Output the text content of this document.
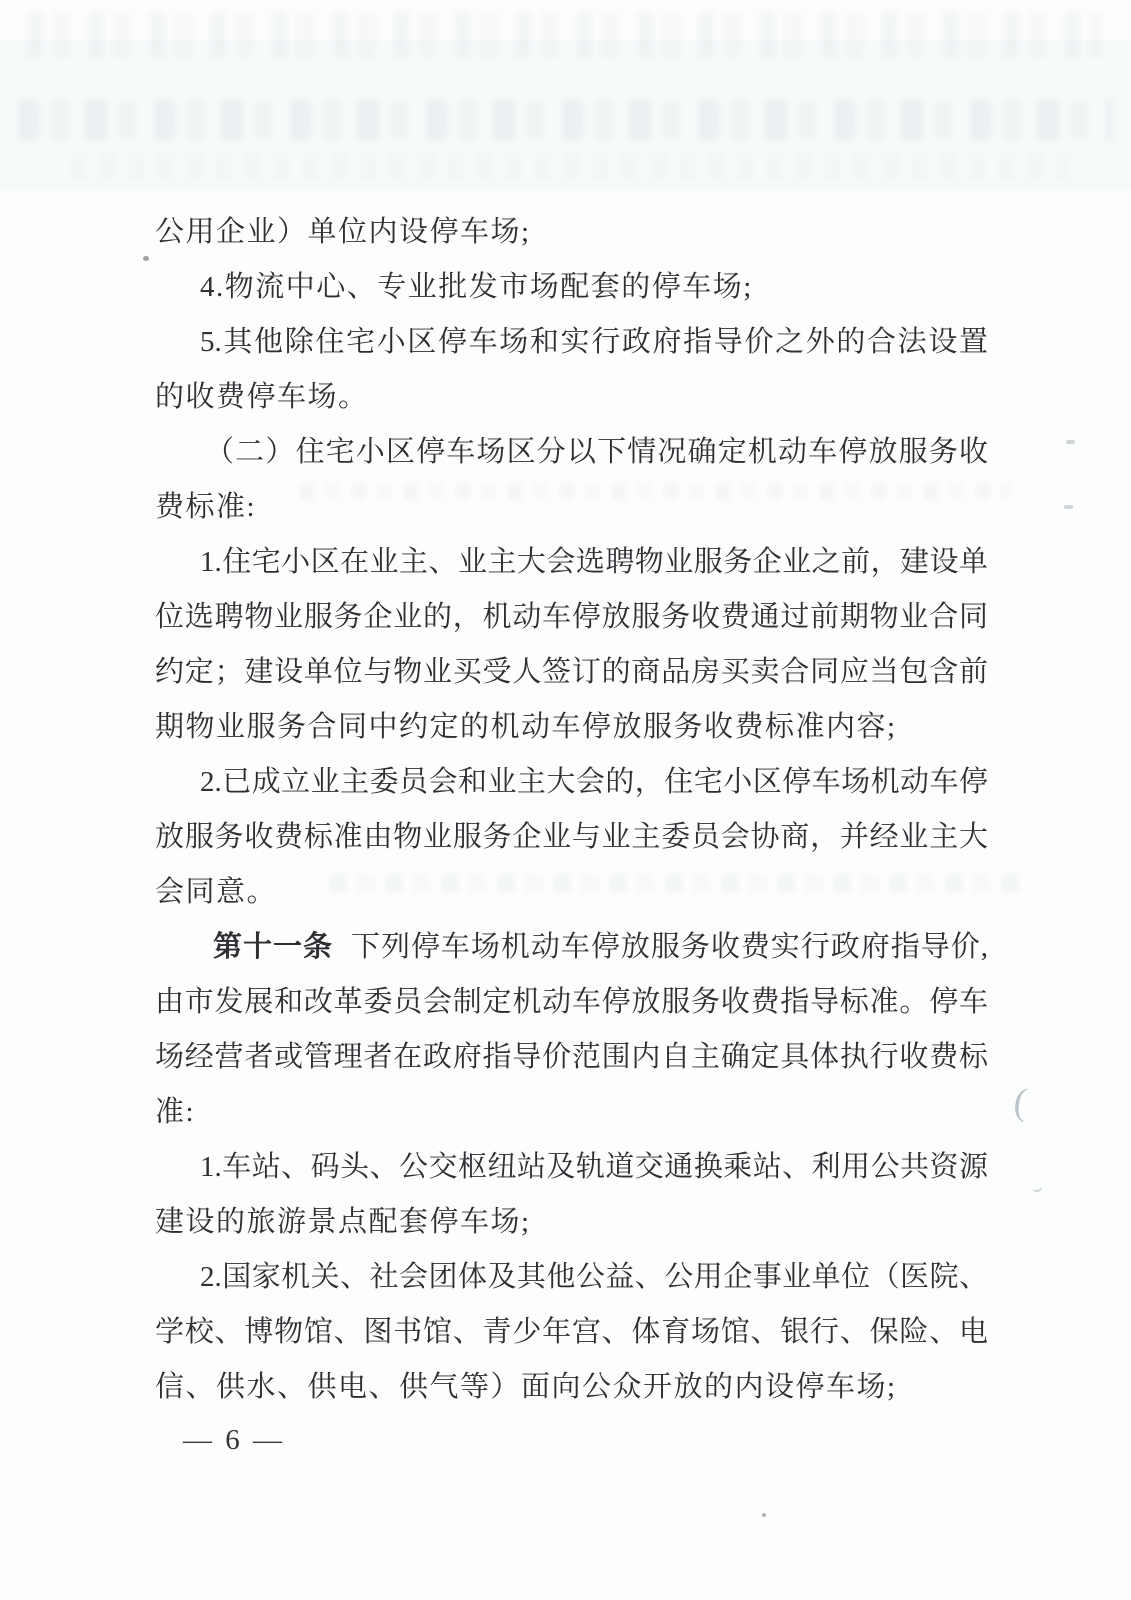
公用企业）单位内设停车场;
4.物流中心、专业批发市场配套的停车场;
5.其他除住宅小区停车场和实行政府指导价之外的合法设置
的收费停车场。
（二）住宅小区停车场区分以下情况确定机动车停放服务收
费标准:
1.住宅小区在业主、业主大会选聘物业服务企业之前，建设单
位选聘物业服务企业的，机动车停放服务收费通过前期物业合同
约定；建设单位与物业买受人签订的商品房买卖合同应当包含前
期物业服务合同中约定的机动车停放服务收费标准内容;
2.已成立业主委员会和业主大会的，住宅小区停车场机动车停
放服务收费标准由物业服务企业与业主委员会协商，并经业主大
会同意。
第十一条 下列停车场机动车停放服务收费实行政府指导价,
由市发展和改革委员会制定机动车停放服务收费指导标准。停车
场经营者或管理者在政府指导价范围内自主确定具体执行收费标
准:
1.车站、码头、公交枢纽站及轨道交通换乘站、利用公共资源
建设的旅游景点配套停车场;
2.国家机关、社会团体及其他公益、公用企事业单位（医院、
学校、博物馆、图书馆、青少年宫、体育场馆、银行、保险、电
信、供水、供电、供气等）面向公众开放的内设停车场;
— 6 —
(
